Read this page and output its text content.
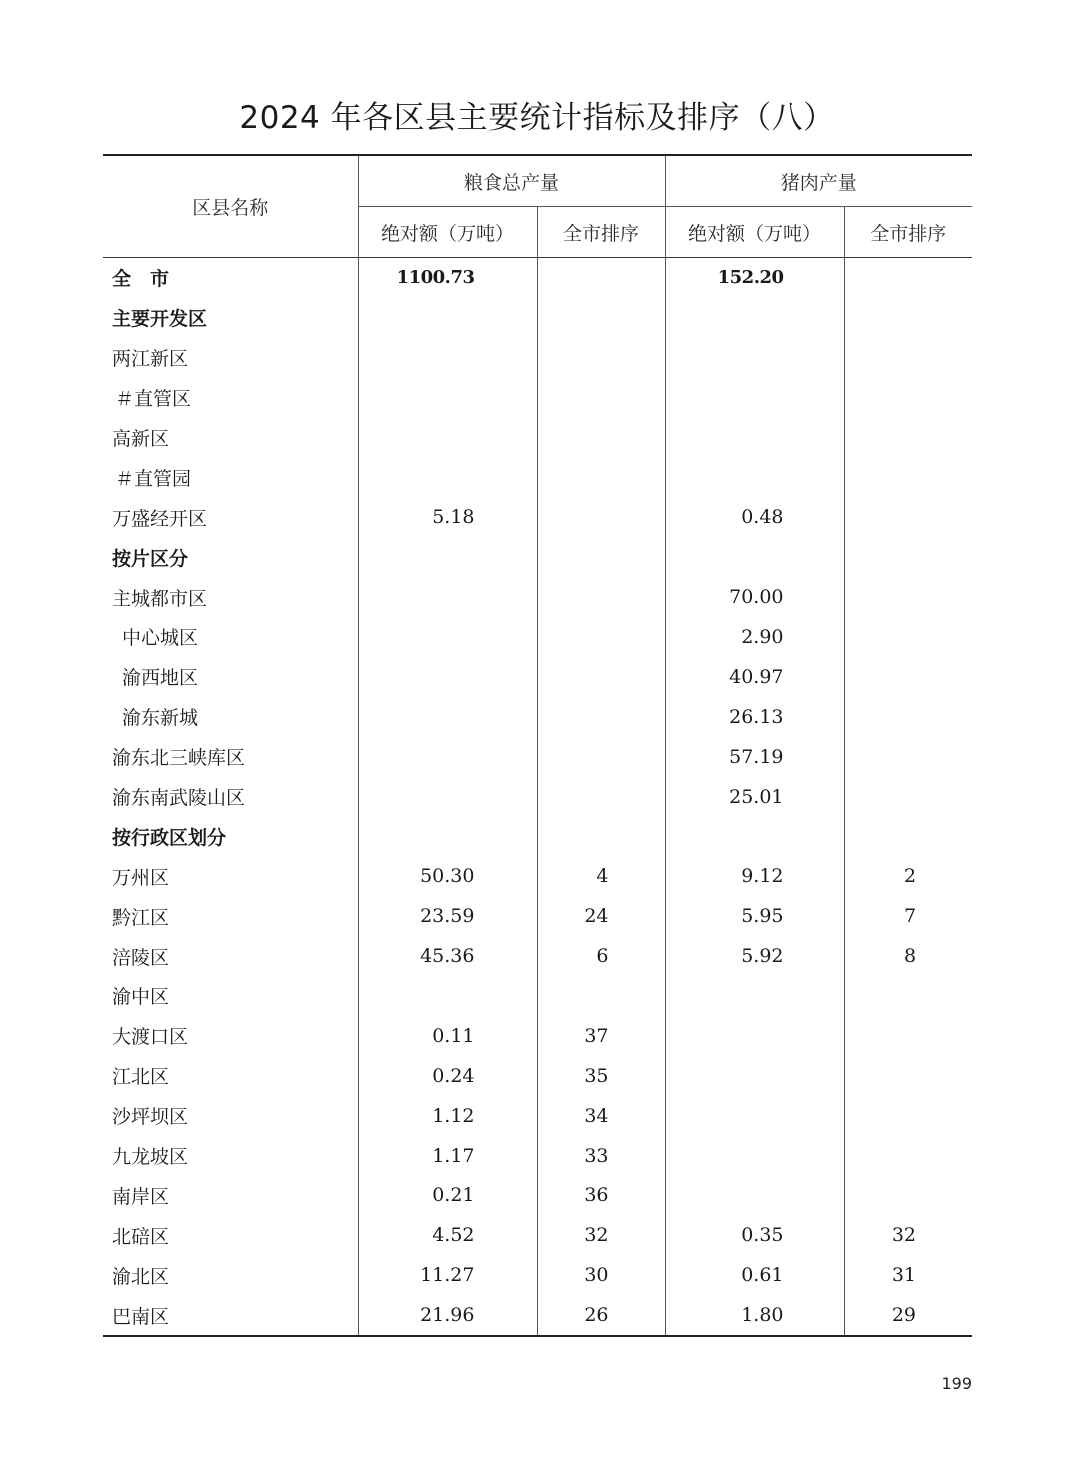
2024 年各区县主要统计指标及排序（八）
区县名称	粮食总产量		猪肉产量	
	绝对额（万吨）	全市排序	绝对额（万吨）	全市排序
全　市	1100.73		152.20	
主要开发区				
两江新区				
＃直管区				
高新区				
＃直管园				
万盛经开区	5.18		0.48	
按片区分				
主城都市区			70.00	
中心城区			2.90	
渝西地区			40.97	
渝东新城			26.13	
渝东北三峡库区			57.19	
渝东南武陵山区			25.01	
按行政区划分				
万州区	50.30	4	9.12	2
黔江区	23.59	24	5.95	7
涪陵区	45.36	6	5.92	8
渝中区				
大渡口区	0.11	37		
江北区	0.24	35		
沙坪坝区	1.12	34		
九龙坡区	1.17	33		
南岸区	0.21	36		
北碚区	4.52	32	0.35	32
渝北区	11.27	30	0.61	31
巴南区	21.96	26	1.80	29
199
